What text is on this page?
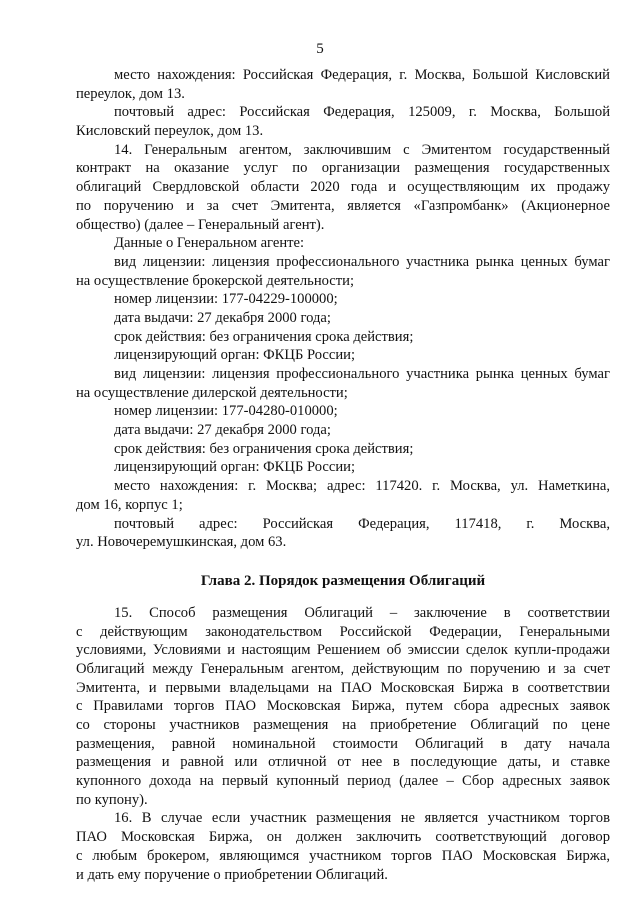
5
место нахождения: Российская Федерация, г. Москва, Большой Кисловский
переулок, дом 13.
почтовый адрес: Российская Федерация, 125009, г. Москва, Большой
Кисловский переулок, дом 13.
14. Генеральным агентом, заключившим с Эмитентом государственный
контракт на оказание услуг по организации размещения государственных
облигаций Свердловской области 2020 года и осуществляющим их продажу
по поручению и за счет Эмитента, является «Газпромбанк» (Акционерное
общество) (далее – Генеральный агент).
Данные о Генеральном агенте:
вид лицензии: лицензия профессионального участника рынка ценных бумаг
на осуществление брокерской деятельности;
номер лицензии: 177-04229-100000;
дата выдачи: 27 декабря 2000 года;
срок действия: без ограничения срока действия;
лицензирующий орган: ФКЦБ России;
вид лицензии: лицензия профессионального участника рынка ценных бумаг
на осуществление дилерской деятельности;
номер лицензии: 177-04280-010000;
дата выдачи: 27 декабря 2000 года;
срок действия: без ограничения срока действия;
лицензирующий орган: ФКЦБ России;
место нахождения: г. Москва; адрес: 117420. г. Москва, ул. Наметкина,
дом 16, корпус 1;
почтовый адрес: Российская Федерация, 117418, г. Москва,
ул. Новочеремушкинская, дом 63.
Глава 2. Порядок размещения Облигаций
15. Способ размещения Облигаций – заключение в соответствии
с действующим законодательством Российской Федерации, Генеральными
условиями, Условиями и настоящим Решением об эмиссии сделок купли-продажи
Облигаций между Генеральным агентом, действующим по поручению и за счет
Эмитента, и первыми владельцами на ПАО Московская Биржа в соответствии
с Правилами торгов ПАО Московская Биржа, путем сбора адресных заявок
со стороны участников размещения на приобретение Облигаций по цене
размещения, равной номинальной стоимости Облигаций в дату начала
размещения и равной или отличной от нее в последующие даты, и ставке
купонного дохода на первый купонный период (далее – Сбор адресных заявок
по купону).
16. В случае если участник размещения не является участником торгов
ПАО Московская Биржа, он должен заключить соответствующий договор
с любым брокером, являющимся участником торгов ПАО Московская Биржа,
и дать ему поручение о приобретении Облигаций.
